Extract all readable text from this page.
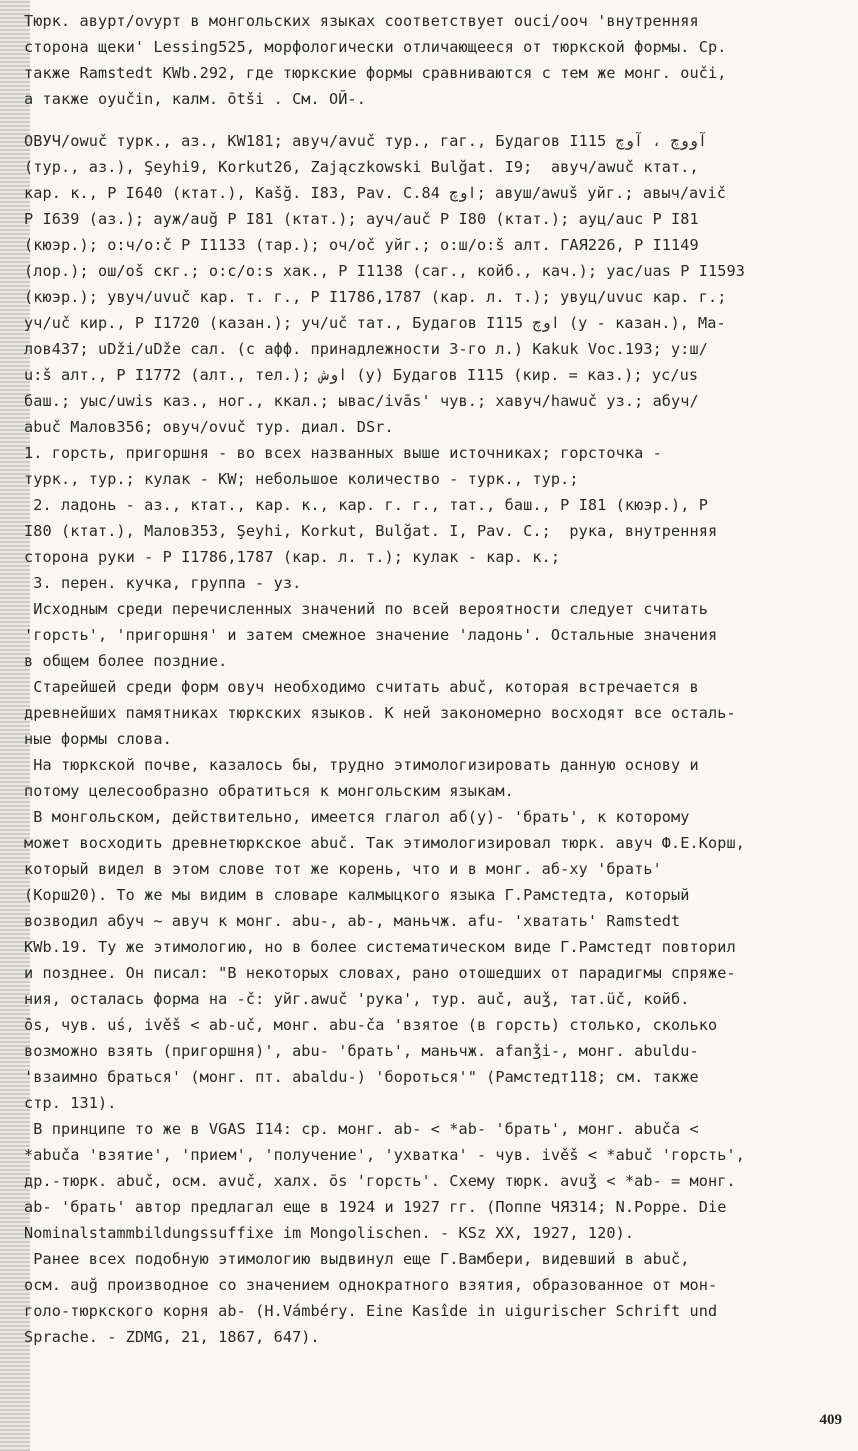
Тюрк. авурт/оѵурт в монгольских языках соответствует ouci/ооч 'внутренняя
сторона щеки' Lessing525, морфологически отличающееся от тюркской формы. Ср.
также Ramstedt KWb.292, где тюркские формы сравниваются с тем же монг. ouči,
а также oyučin, калм. ōtši . См. ОЙ-.
ОВУЧ/owuč турк., аз., KW181; авуч/avuč тур., гаг., Будагов I115 آووچ ، آوچ
(тур., аз.), Şeyhi9, Korkut26, Zajączkowski Bulğat. I9;  авуч/awuč ктат.,
кар. к., P I640 (ктат.), Kašğ. I83, Pav. C.84 اوچ; авуш/awuš уйг.; авыч/avič
P I639 (аз.); ауж/auğ P I81 (ктат.); ауч/auč P I80 (ктат.); ауц/auc P I81
(кюэр.); о:ч/o:č P I1133 (тар.); оч/oč уйг.; о:ш/o:š алт. ГАЯ226, P I1149
(лор.); ош/oš скг.; о:с/o:s хак., P I1138 (саг., койб., кач.); уас/uas P I1593
(кюэр.); увуч/uvuč кар. т. г., P I1786,1787 (кар. л. т.); увуц/uvuc кар. г.;
уч/uč кир., P I1720 (казан.); уч/uč тат., Будагов I115 اوچ (у - казан.), Ма-
лов437; uDži/uDže сал. (с афф. принадлежности 3-го л.) Kakuk Voc.193; у:ш/
u:š алт., P I1772 (алт., тел.); اوش (у) Будагов I115 (кир. = каз.); ус/us
баш.; уыс/uwis каз., ног., ккал.; ывас/ivās' чув.; хавуч/hawuč уз.; абуч/
abuč Малов356; овуч/ovuč тур. диал. DSr.
1. горсть, пригоршня - во всех названных выше источниках; горсточка -
турк., тур.; кулак - KW; небольшое количество - турк., тур.;
2. ладонь - аз., ктат., кар. к., кар. г. г., тат., баш., P I81 (кюэр.), P
I80 (ктат.), Малов353, Şeyhi, Korkut, Bulğat. I, Pav. C.;  рука, внутренняя
сторона руки - P I1786,1787 (кар. л. т.); кулак - кар. к.;
3. перен. кучка, группа - уз.
Исходным среди перечисленных значений по всей вероятности следует считать
'горсть', 'пригоршня' и затем смежное значение 'ладонь'. Остальные значения
в общем более поздние.
Старейшей среди форм овуч необходимо считать abuč, которая встречается в
древнейших памятниках тюркских языков. К ней закономерно восходят все осталь-
ные формы слова.
На тюркской почве, казалось бы, трудно этимологизировать данную основу и
потому целесообразно обратиться к монгольским языкам.
В монгольском, действительно, имеется глагол аб(у)- 'брать', к которому
может восходить древнетюркское abuč. Так этимологизировал тюрк. авуч Ф.Е.Корш,
который видел в этом слове тот же корень, что и в монг. аб-ху 'брать'
(Корш20). То же мы видим в словаре калмыцкого языка Г.Рамстедта, который
возводил абуч ~ авуч к монг. abu-, ab-, маньчж. afu- 'хватать' Ramstedt
KWb.19. Ту же этимологию, но в более систематическом виде Г.Рамстедт повторил
и позднее. Он писал: "В некоторых словах, рано отошедших от парадигмы спряже-
ния, осталась форма на -č: уйг.awuč 'рука', тур. auč, auǯ, тат.üč, койб.
ōs, чув. uś, ivěš < ab-uč, монг. abu-ča 'взятое (в горсть) столько, сколько
возможно взять (пригоршня)', abu- 'брать', маньчж. afanǯi-, монг. abuldu-
'взаимно браться' (монг. пт. abaldu-) 'бороться'" (Рамстедт118; см. также
стр. 131).
В принципе то же в VGAS I14: ср. монг. ab- < *ab- 'брать', монг. abuča <
*abuča 'взятие', 'прием', 'получение', 'ухватка' - чув. ivěš < *abuč 'горсть',
др.-тюрк. abuč, осм. avuč, халх. ōs 'горсть'. Схему тюрк. avuǯ < *ab- = монг.
ab- 'брать' автор предлагал еще в 1924 и 1927 гг. (Поппе ЧЯ314; N.Poppe. Die
Nominalstammbildungssuffixe im Mongolischen. - KSz XX, 1927, 120).
Ранее всех подобную этимологию выдвинул еще Г.Вамбери, видевший в abuč,
осм. auğ производное со значением однократного взятия, образованное от мон-
голо-тюркского корня ab- (H.Vámbéry. Eine Kasîde in uigurischer Schrift und
Sprache. - ZDMG, 21, 1867, 647).
409
